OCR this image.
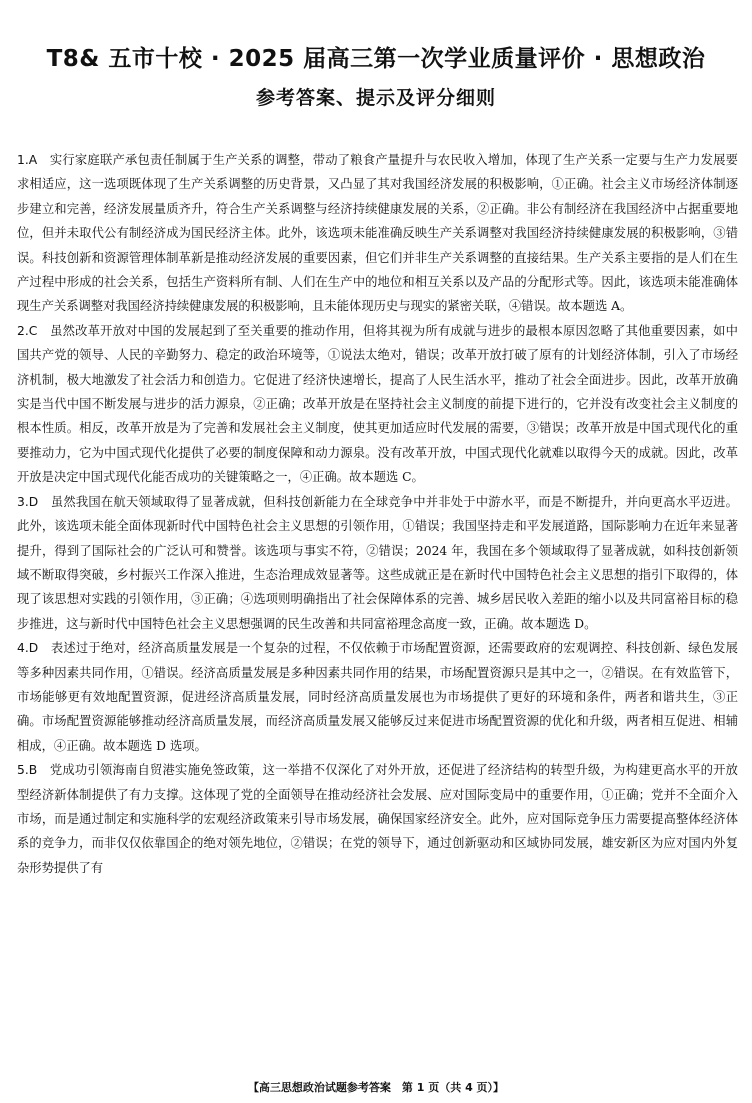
T8& 五市十校 · 2025 届高三第一次学业质量评价 · 思想政治
参考答案、提示及评分细则

1.A　 实行家庭联产承包责任制属于生产关系的调整，带动了粮食产量提升与农民收入增加，体现了生产关系一定要与生产力发展要求相适应，这一选项既体现了生产关系调整的历史背景，又凸显了其对我国经济发展的积极影响，①正确。社会主义市场经济体制逐步建立和完善，经济发展量质齐升，符合生产关系调整与经济持续健康发展的关系，②正确。非公有制经济在我国经济中占据重要地位，但并未取代公有制经济成为国民经济主体。此外，该选项未能准确反映生产关系调整对我国经济持续健康发展的积极影响，③错误。科技创新和资源管理体制革新是推动经济发展的重要因素，但它们并非生产关系调整的直接结果。生产关系主要指的是人们在生产过程中形成的社会关系，包括生产资料所有制、人们在生产中的地位和相互关系以及产品的分配形式等。因此，该选项未能准确体现生产关系调整对我国经济持续健康发展的积极影响，且未能体现历史与现实的紧密关联，④错误。故本题选 A。

2.C　 虽然改革开放对中国的发展起到了至关重要的推动作用，但将其视为所有成就与进步的最根本原因忽略了其他重要因素，如中国共产党的领导、人民的辛勤努力、稳定的政治环境等，①说法太绝对，错误；改革开放打破了原有的计划经济体制，引入了市场经济机制，极大地激发了社会活力和创造力。它促进了经济快速增长，提高了人民生活水平，推动了社会全面进步。因此，改革开放确实是当代中国不断发展与进步的活力源泉，②正确；改革开放是在坚持社会主义制度的前提下进行的，它并没有改变社会主义制度的根本性质。相反，改革开放是为了完善和发展社会主义制度，使其更加适应时代发展的需要，③错误；改革开放是中国式现代化的重要推动力，它为中国式现代化提供了必要的制度保障和动力源泉。没有改革开放，中国式现代化就难以取得今天的成就。因此，改革开放是决定中国式现代化能否成功的关键策略之一，④正确。故本题选 C。

3.D　 虽然我国在航天领域取得了显著成就，但科技创新能力在全球竞争中并非处于中游水平，而是不断提升，并向更高水平迈进。此外，该选项未能全面体现新时代中国特色社会主义思想的引领作用，①错误；我国坚持走和平发展道路，国际影响力在近年来显著提升，得到了国际社会的广泛认可和赞誉。该选项与事实不符，②错误；2024 年，我国在多个领域取得了显著成就，如科技创新领域不断取得突破，乡村振兴工作深入推进，生态治理成效显著等。这些成就正是在新时代中国特色社会主义思想的指引下取得的，体现了该思想对实践的引领作用，③正确；④选项则明确指出了社会保障体系的完善、城乡居民收入差距的缩小以及共同富裕目标的稳步推进，这与新时代中国特色社会主义思想强调的民生改善和共同富裕理念高度一致，正确。故本题选 D。

4.D　 表述过于绝对，经济高质量发展是一个复杂的过程，不仅依赖于市场配置资源，还需要政府的宏观调控、科技创新、绿色发展等多种因素共同作用，①错误。经济高质量发展是多种因素共同作用的结果，市场配置资源只是其中之一，②错误。在有效监管下，市场能够更有效地配置资源，促进经济高质量发展，同时经济高质量发展也为市场提供了更好的环境和条件，两者和谐共生，③正确。市场配置资源能够推动经济高质量发展，而经济高质量发展又能够反过来促进市场配置资源的优化和升级，两者相互促进、相辅相成，④正确。故本题选 D 选项。

5.B　 党成功引领海南自贸港实施免签政策，这一举措不仅深化了对外开放，还促进了经济结构的转型升级，为构建更高水平的开放型经济新体制提供了有力支撑。这体现了党的全面领导在推动经济社会发展、应对国际变局中的重要作用，①正确；党并不全面介入市场，而是通过制定和实施科学的宏观经济政策来引导市场发展，确保国家经济安全。此外，应对国际竞争压力需要提高整体经济体系的竞争力，而非仅仅依靠国企的绝对领先地位，②错误；在党的领导下，通过创新驱动和区域协同发展，雄安新区为应对国内外复杂形势提供了有

【高三思想政治试题参考答案　第 1 页（共 4 页）】
